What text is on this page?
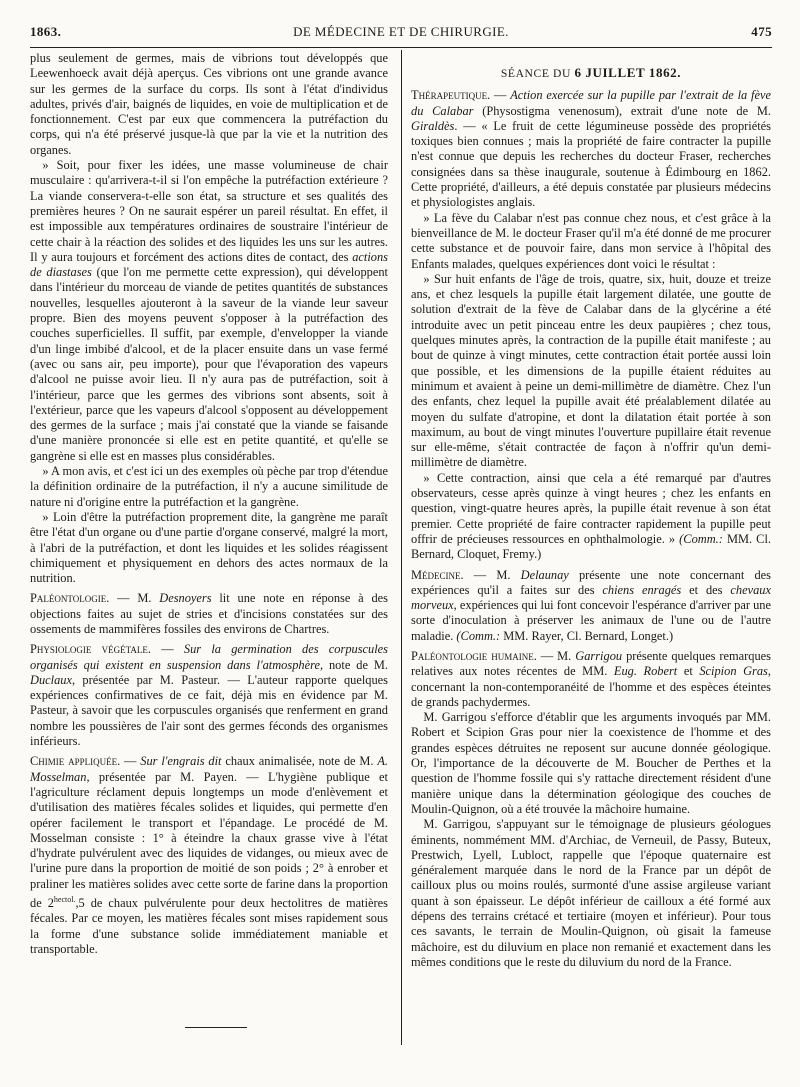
1863.	DE MÉDECINE ET DE CHIRURGIE.	475

plus seulement de germes, mais de vibrions tout développés que Leewenhoeck avait déjà aperçus. Ces vibrions ont une grande avance sur les germes de la surface du corps. Ils sont à l'état d'individus adultes, privés d'air, baignés de liquides, en voie de multiplication et de fonctionnement. C'est par eux que commencera la putréfaction du corps, qui n'a été préservé jusque-là que par la vie et la nutrition des organes.

» Soit, pour fixer les idées, une masse volumineuse de chair musculaire : qu'arrivera-t-il si l'on empêche la putréfaction extérieure ? La viande conservera-t-elle son état, sa structure et ses qualités des premières heures ? On ne saurait espérer un pareil résultat. En effet, il est impossible aux températures ordinaires de soustraire l'intérieur de cette chair à la réaction des solides et des liquides les uns sur les autres. Il y aura toujours et forcément des actions dites de contact, des actions de diastases (que l'on me permette cette expression), qui développent dans l'intérieur du morceau de viande de petites quantités de substances nouvelles, lesquelles ajouteront à la saveur de la viande leur saveur propre. Bien des moyens peuvent s'opposer à la putréfaction des couches superficielles. Il suffit, par exemple, d'envelopper la viande d'un linge imbibé d'alcool, et de la placer ensuite dans un vase fermé (avec ou sans air, peu importe), pour que l'évaporation des vapeurs d'alcool ne puisse avoir lieu. Il n'y aura pas de putréfaction, soit à l'intérieur, parce que les germes des vibrions sont absents, soit à l'extérieur, parce que les vapeurs d'alcool s'opposent au développement des germes de la surface ; mais j'ai constaté que la viande se faisande d'une manière prononcée si elle est en petite quantité, et qu'elle se gangrène si elle est en masses plus considérables.

» A mon avis, et c'est ici un des exemples où pèche par trop d'étendue la définition ordinaire de la putréfaction, il n'y a aucune similitude de nature ni d'origine entre la putréfaction et la gangrène.

» Loin d'être la putréfaction proprement dite, la gangrène me paraît être l'état d'un organe ou d'une partie d'organe conservé, malgré la mort, à l'abri de la putréfaction, et dont les liquides et les solides réagissent chimiquement et physiquement en dehors des actes normaux de la nutrition.

Paléontologie. — M. Desnoyers lit une note en réponse à des objections faites au sujet de stries et d'incisions constatées sur des ossements de mammifères fossiles des environs de Chartres.

Physiologie végétale. — Sur la germination des corpuscules organisés qui existent en suspension dans l'atmosphère, note de M. Duclaux, présentée par M. Pasteur. — L'auteur rapporte quelques expériences confirmatives de ce fait, déjà mis en évidence par M. Pasteur, à savoir que les corpuscules organisés que renferment en grand nombre les poussières de l'air sont des germes féconds des organismes inférieurs.

Chimie appliquée. — Sur l'engrais dit chaux animalisée, note de M. A. Mosselman, présentée par M. Payen. — L'hygiène publique et l'agriculture réclament depuis longtemps un mode d'enlèvement et d'utilisation des matières fécales solides et liquides, qui permette d'en opérer facilement le transport et l'épandage. Le procédé de M. Mosselman consiste : 1° à éteindre la chaux grasse vive à l'état d'hydrate pulvérulent avec des liquides de vidanges, ou mieux avec de l'urine pure dans la proportion de moitié de son poids ; 2° à enrober et praliner les matières solides avec cette sorte de farine dans la proportion de $2^{hectol.},5$ de chaux pulvérulente pour deux hectolitres de matières fécales. Par ce moyen, les matières fécales sont mises rapidement sous la forme d'une substance solide immédiatement maniable et transportable.

SÉANCE DU 6 JUILLET 1862.

Thérapeutique. — Action exercée sur la pupille par l'extrait de la fève du Calabar (Physostigma venenosum), extrait d'une note de M. Giraldès. — « Le fruit de cette légumineuse possède des propriétés toxiques bien connues ; mais la propriété de faire contracter la pupille n'est connue que depuis les recherches du docteur Fraser, recherches consignées dans sa thèse inaugurale, soutenue à Édimbourg en 1862. Cette propriété, d'ailleurs, a été depuis constatée par plusieurs médecins et physiologistes anglais.

» La fève du Calabar n'est pas connue chez nous, et c'est grâce à la bienveillance de M. le docteur Fraser qu'il m'a été donné de me procurer cette substance et de pouvoir faire, dans mon service à l'hôpital des Enfants malades, quelques expériences dont voici le résultat :

» Sur huit enfants de l'âge de trois, quatre, six, huit, douze et treize ans, et chez lesquels la pupille était largement dilatée, une goutte de solution d'extrait de la fève de Calabar dans de la glycérine a été introduite avec un petit pinceau entre les deux paupières ; chez tous, quelques minutes après, la contraction de la pupille était manifeste ; au bout de quinze à vingt minutes, cette contraction était portée aussi loin que possible, et les dimensions de la pupille étaient réduites au minimum et avaient à peine un demi-millimètre de diamètre. Chez l'un des enfants, chez lequel la pupille avait été préalablement dilatée au moyen du sulfate d'atropine, et dont la dilatation était portée à son maximum, au bout de vingt minutes l'ouverture pupillaire était revenue sur elle-même, s'était contractée de façon à n'offrir qu'un demi-millimètre de diamètre.

» Cette contraction, ainsi que cela a été remarqué par d'autres observateurs, cesse après quinze à vingt heures ; chez les enfants en question, vingt-quatre heures après, la pupille était revenue à son état premier. Cette propriété de faire contracter rapidement la pupille peut offrir de précieuses ressources en ophthalmologie. » (Comm.: MM. Cl. Bernard, Cloquet, Fremy.)

Médecine. — M. Delaunay présente une note concernant des expériences qu'il a faites sur des chiens enragés et des chevaux morveux, expériences qui lui font concevoir l'espérance d'arriver par une sorte d'inoculation à préserver les animaux de l'une ou de l'autre maladie. (Comm.: MM. Rayer, Cl. Bernard, Longet.)

Paléontologie humaine. — M. Garrigou présente quelques remarques relatives aux notes récentes de MM. Eug. Robert et Scipion Gras, concernant la non-contemporanéité de l'homme et des espèces éteintes de grands pachydermes.

M. Garrigou s'efforce d'établir que les arguments invoqués par MM. Robert et Scipion Gras pour nier la coexistence de l'homme et des grandes espèces détruites ne reposent sur aucune donnée géologique. Or, l'importance de la découverte de M. Boucher de Perthes et la question de l'homme fossile qui s'y rattache directement résident d'une manière unique dans la détermination géologique des couches de Moulin-Quignon, où a été trouvée la mâchoire humaine.

M. Garrigou, s'appuyant sur le témoignage de plusieurs géologues éminents, nommément MM. d'Archiac, de Verneuil, de Passy, Buteux, Prestwich, Lyell, Lubloct, rappelle que l'époque quaternaire est généralement marquée dans le nord de la France par un dépôt de cailloux plus ou moins roulés, surmonté d'une assise argileuse variant quant à son épaisseur. Le dépôt inférieur de cailloux a été formé aux dépens des terrains crétacé et tertiaire (moyen et inférieur). Pour tous ces savants, le terrain de Moulin-Quignon, où gisait la fameuse mâchoire, est du diluvium en place non remanié et exactement dans les mêmes conditions que le reste du diluvium du nord de la France.
